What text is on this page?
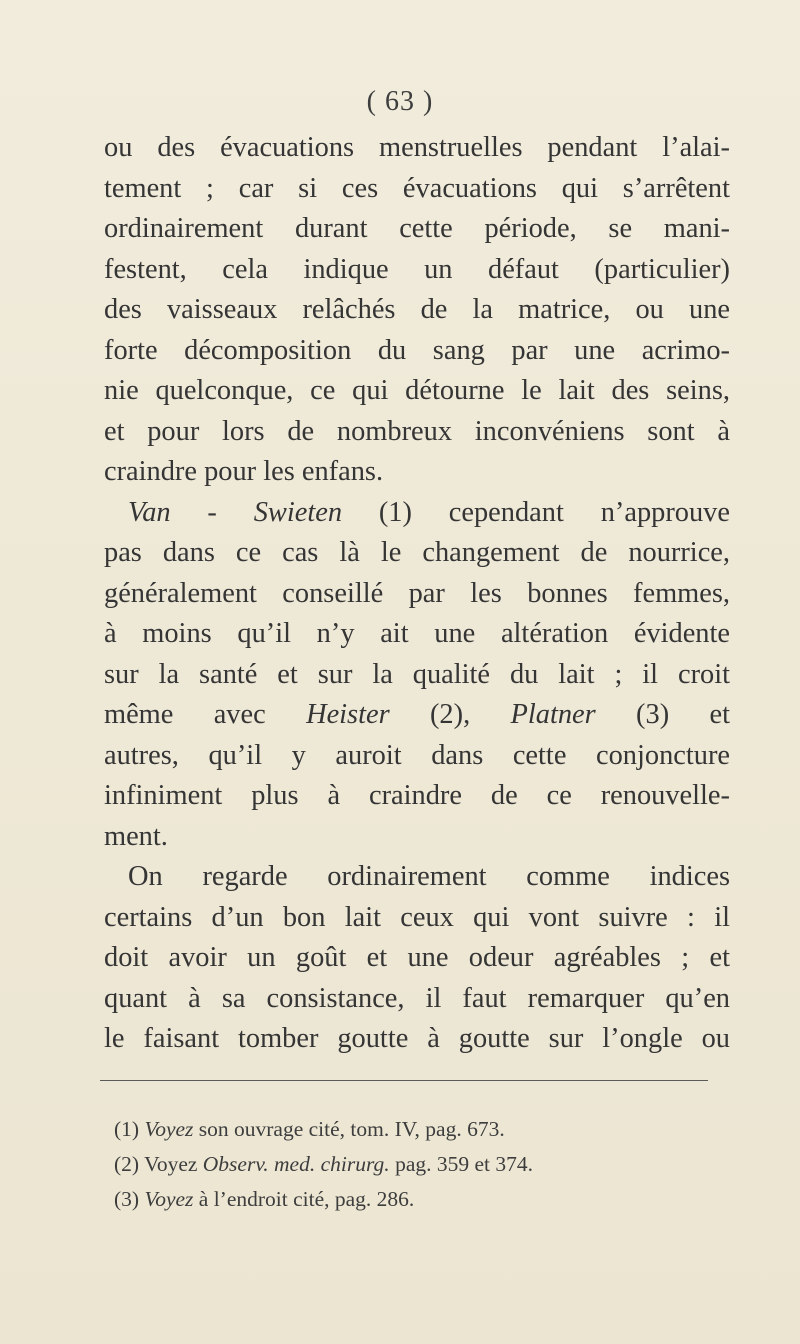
( 63 )
ou des évacuations menstruelles pendant l’alai-
tement ; car si ces évacuations qui s’arrêtent
ordinairement durant cette période, se mani-
festent, cela indique un défaut (particulier)
des vaisseaux relâchés de la matrice, ou une
forte décomposition du sang par une acrimo-
nie quelconque, ce qui détourne le lait des seins,
et pour lors de nombreux inconvéniens sont à
craindre pour les enfans.
Van - Swieten (1) cependant n’approuve
pas dans ce cas là le changement de nourrice,
généralement conseillé par les bonnes femmes,
à moins qu’il n’y ait une altération évidente
sur la santé et sur la qualité du lait ; il croit
même avec Heister (2), Platner (3) et
autres, qu’il y auroit dans cette conjoncture
infiniment plus à craindre de ce renouvelle-
ment.
On regarde ordinairement comme indices
certains d’un bon lait ceux qui vont suivre : il
doit avoir un goût et une odeur agréables ; et
quant à sa consistance, il faut remarquer qu’en
le faisant tomber goutte à goutte sur l’ongle ou
(1) Voyez son ouvrage cité, tom. IV, pag. 673.
(2) Voyez Observ. med. chirurg. pag. 359 et 374.
(3) Voyez à l’endroit cité, pag. 286.
